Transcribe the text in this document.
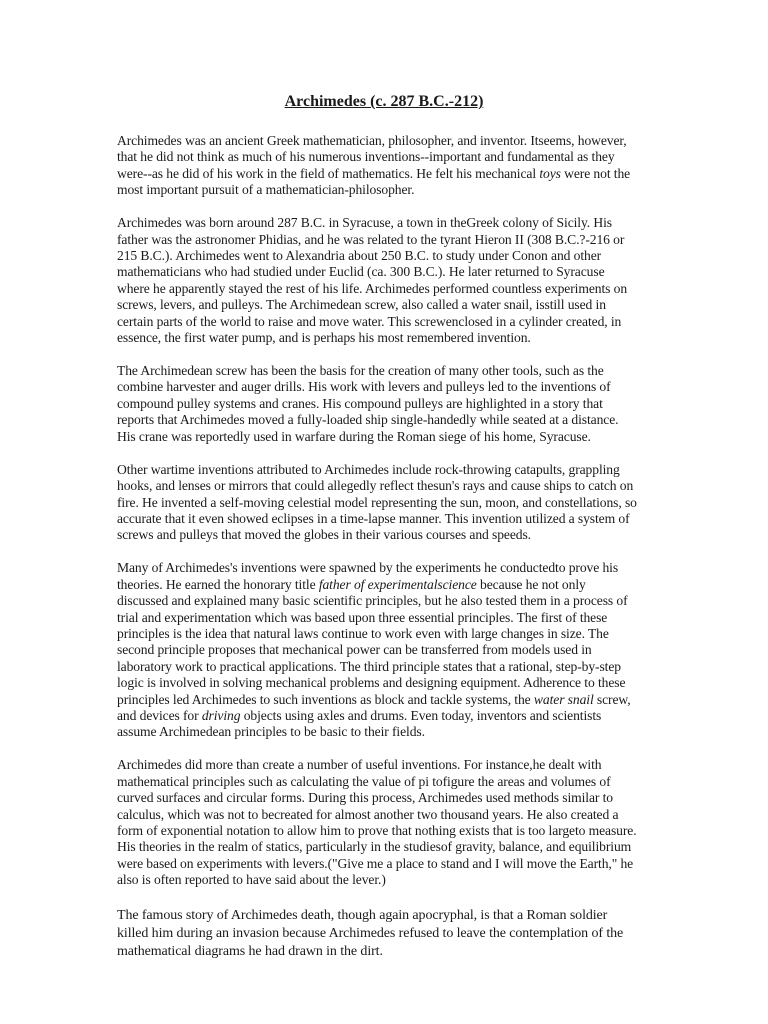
Archimedes (c. 287 B.C.-212)

Archimedes was an ancient Greek mathematician, philosopher, and inventor. Itseems, however, that he did not think as much of his numerous inventions--important and fundamental as they were--as he did of his work in the field of mathematics. He felt his mechanical toys were not the most important pursuit of a mathematician-philosopher.

Archimedes was born around 287 B.C. in Syracuse, a town in theGreek colony of Sicily. His father was the astronomer Phidias, and he was related to the tyrant Hieron II (308 B.C.?-216 or 215 B.C.). Archimedes went to Alexandria about 250 B.C. to study under Conon and other mathematicians who had studied under Euclid (ca. 300 B.C.). He later returned to Syracuse where he apparently stayed the rest of his life. Archimedes performed countless experiments on screws, levers, and pulleys. The Archimedean screw, also called a water snail, isstill used in certain parts of the world to raise and move water. This screwenclosed in a cylinder created, in essence, the first water pump, and is perhaps his most remembered invention.

The Archimedean screw has been the basis for the creation of many other tools, such as the combine harvester and auger drills. His work with levers and pulleys led to the inventions of compound pulley systems and cranes. His compound pulleys are highlighted in a story that reports that Archimedes moved a fully-loaded ship single-handedly while seated at a distance. His crane was reportedly used in warfare during the Roman siege of his home, Syracuse.

Other wartime inventions attributed to Archimedes include rock-throwing catapults, grappling hooks, and lenses or mirrors that could allegedly reflect thesun's rays and cause ships to catch on fire. He invented a self-moving celestial model representing the sun, moon, and constellations, so accurate that it even showed eclipses in a time-lapse manner. This invention utilized a system of screws and pulleys that moved the globes in their various courses and speeds.

Many of Archimedes's inventions were spawned by the experiments he conductedto prove his theories. He earned the honorary title father of experimentalscience because he not only discussed and explained many basic scientific principles, but he also tested them in a process of trial and experimentation which was based upon three essential principles. The first of these principles is the idea that natural laws continue to work even with large changes in size. The second principle proposes that mechanical power can be transferred from models used in laboratory work to practical applications. The third principle states that a rational, step-by-step logic is involved in solving mechanical problems and designing equipment. Adherence to these principles led Archimedes to such inventions as block and tackle systems, the water snail screw, and devices for driving objects using axles and drums. Even today, inventors and scientists assume Archimedean principles to be basic to their fields.

Archimedes did more than create a number of useful inventions. For instance,he dealt with mathematical principles such as calculating the value of pi tofigure the areas and volumes of curved surfaces and circular forms. During this process, Archimedes used methods similar to calculus, which was not to becreated for almost another two thousand years. He also created a form of exponential notation to allow him to prove that nothing exists that is too largeto measure. His theories in the realm of statics, particularly in the studiesof gravity, balance, and equilibrium were based on experiments with levers.("Give me a place to stand and I will move the Earth," he also is often reported to have said about the lever.)

The famous story of Archimedes death, though again apocryphal, is that a Roman soldier killed him during an invasion because Archimedes refused to leave the contemplation of the mathematical diagrams he had drawn in the dirt.
